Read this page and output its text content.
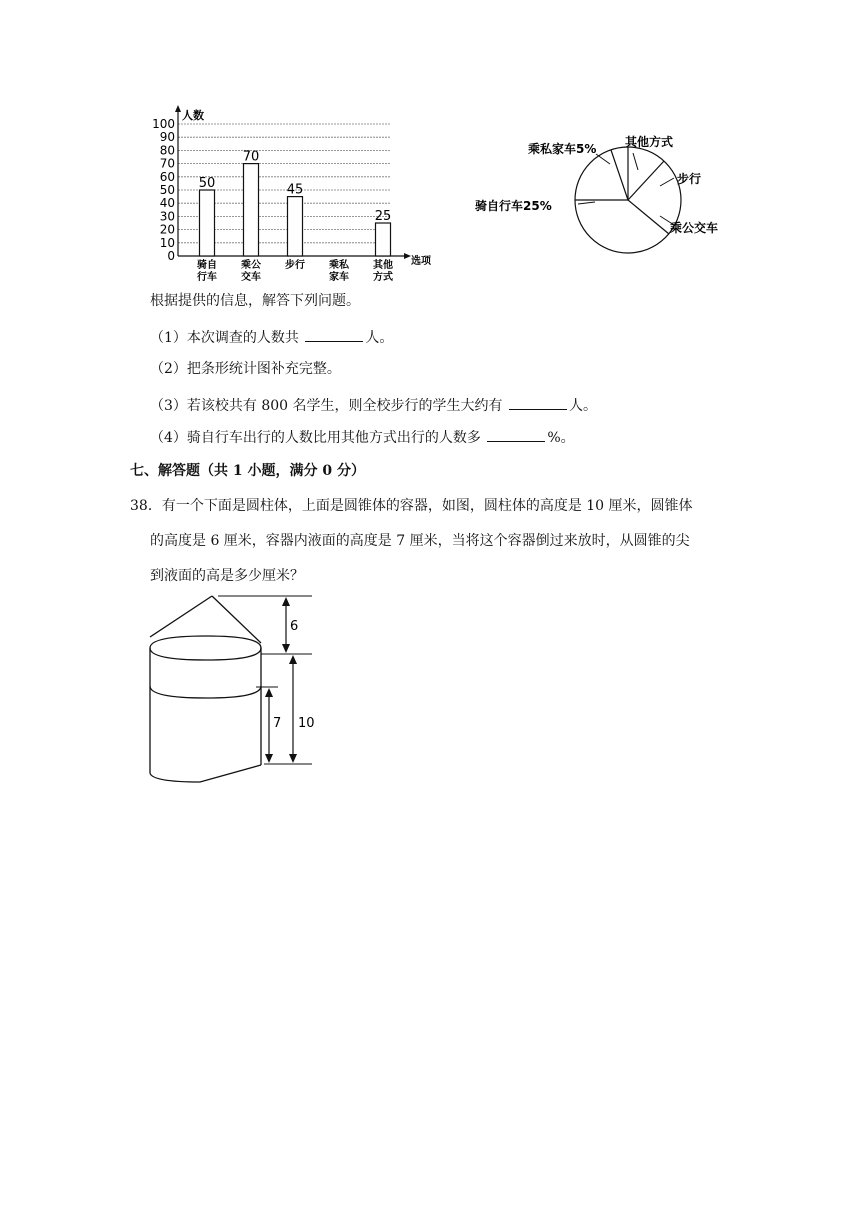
人数
选项
0
10
20
30
40
50
60
70
80
90
100
50
70
45
25
骑自
行车
乘公
交车
步行 乘私
家车
其他
方式
乘私家车5% 其他方式
步行
骑自行车25%
乘公交车
根据提供的信息，解答下列问题。
（1）本次调查的人数共	人。
（2）把条形统计图补充完整。
（3）若该校共有 800 名学生，则全校步行的学生大约有	人。
（4）骑自行车出行的人数比用其他方式出行的人数多	%。
七、解答题（共 1 小题，满分 0 分）
38．有一个下面是圆柱体，上面是圆锥体的容器，如图，圆柱体的高度是 10 厘米，圆锥体
的高度是 6 厘米，容器内液面的高度是 7 厘米，当将这个容器倒过来放时，从圆锥的尖
到液面的高是多少厘米？
6
10
7
